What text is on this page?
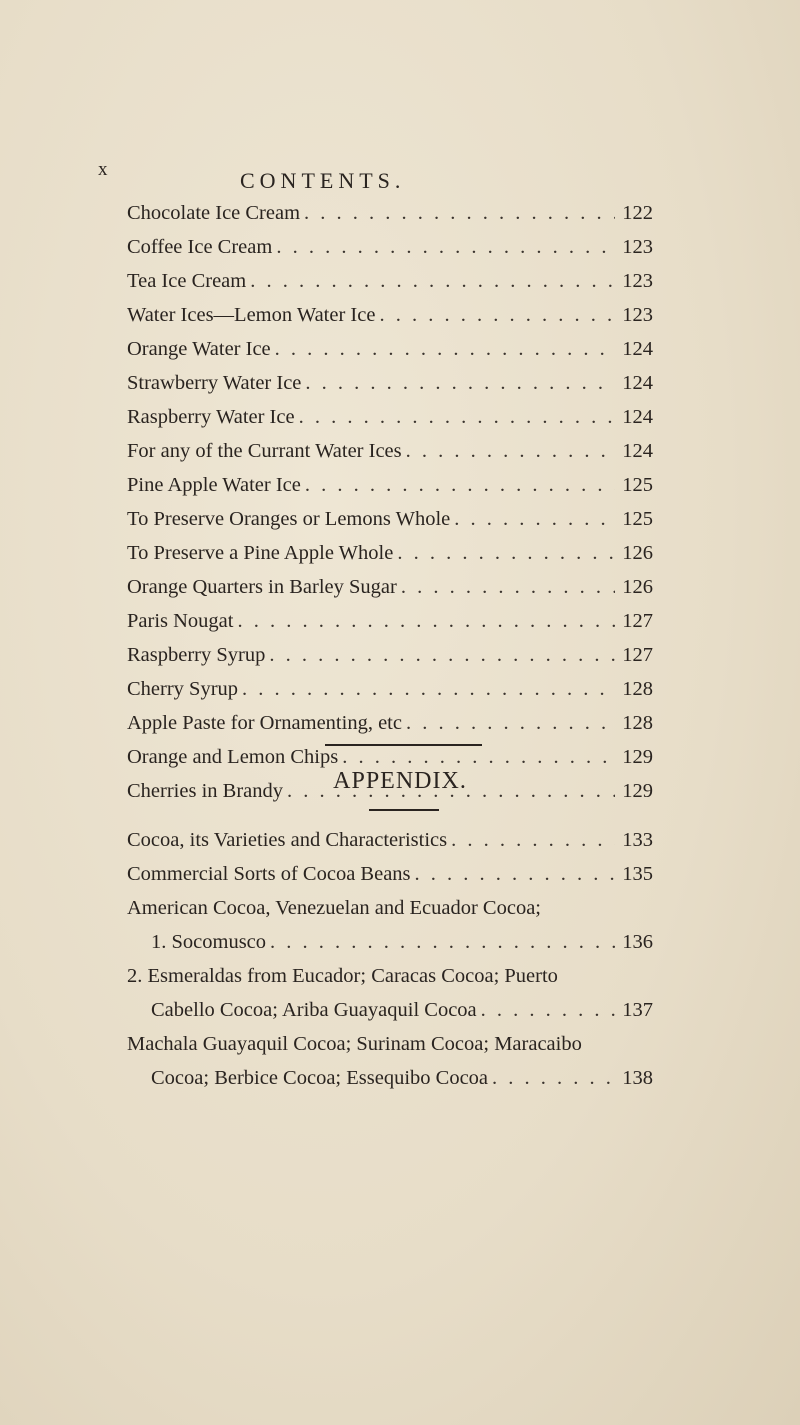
x	CONTENTS.
Chocolate Ice Cream . . .	122
Coffee Ice Cream . . .	123
Tea Ice Cream . . .	123
Water Ices—Lemon Water Ice . . .	123
Orange Water Ice . . .	124
Strawberry Water Ice . . .	124
Raspberry Water Ice . . .	124
For any of the Currant Water Ices . . .	124
Pine Apple Water Ice . . .	125
To Preserve Oranges or Lemons Whole . . .	125
To Preserve a Pine Apple Whole . . .	126
Orange Quarters in Barley Sugar . . .	126
Paris Nougat . . .	127
Raspberry Syrup . . .	127
Cherry Syrup . . .	128
Apple Paste for Ornamenting, etc . . .	128
Orange and Lemon Chips . . .	129
Cherries in Brandy . . .	129
APPENDIX.
Cocoa, its Varieties and Characteristics . . .	133
Commercial Sorts of Cocoa Beans . . .	135
American Cocoa, Venezuelan and Ecuador Cocoa;
1. Socomusco . . .	136
2. Esmeraldas from Eucador; Caracas Cocoa; Puerto
Cabello Cocoa; Ariba Guayaquil Cocoa . . .	137
Machala Guayaquil Cocoa; Surinam Cocoa; Maracaibo
Cocoa; Berbice Cocoa; Essequibo Cocoa . . .	138
